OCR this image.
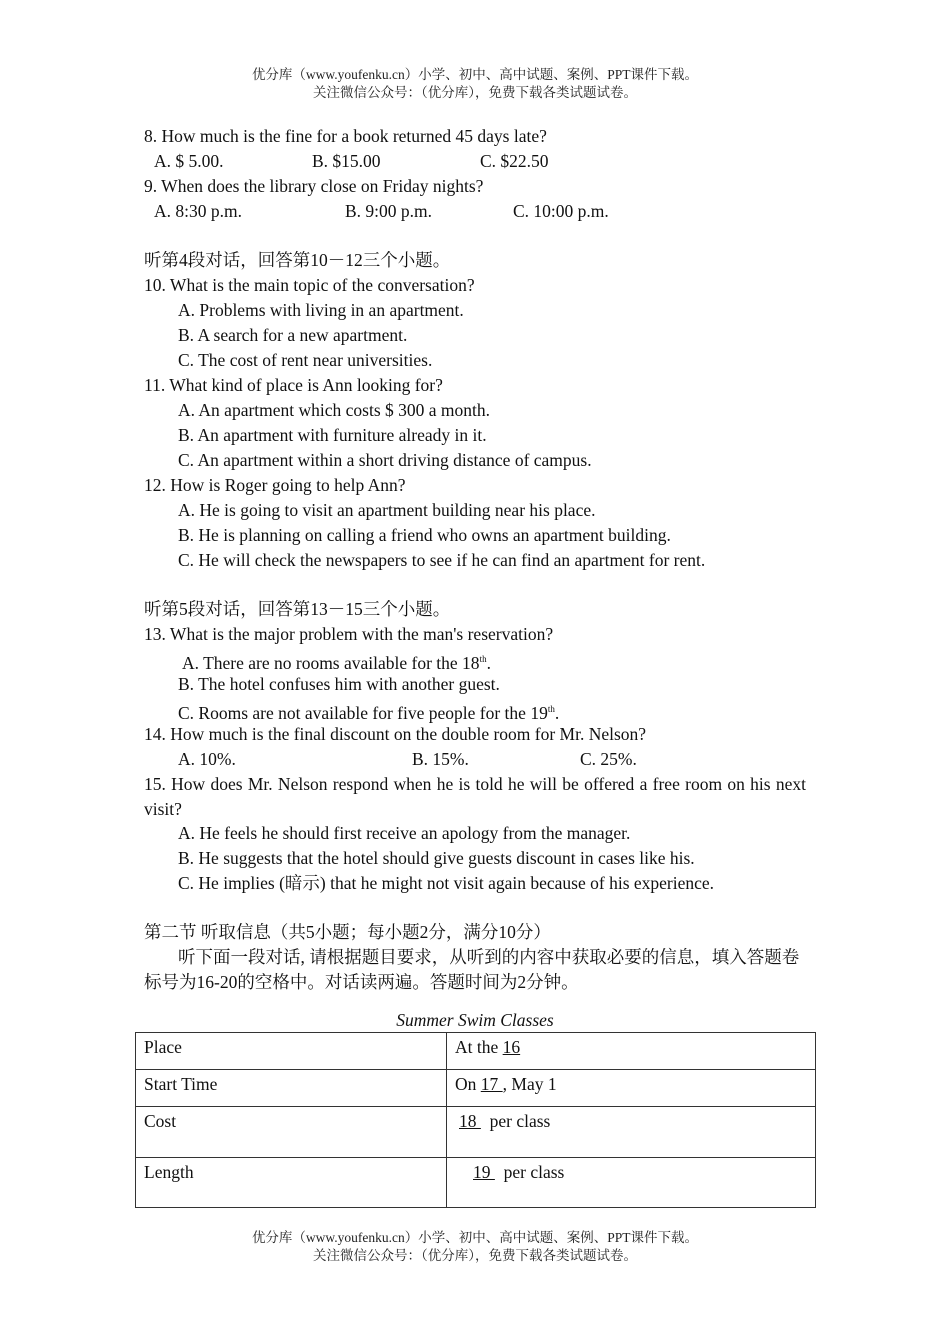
优分库（www.youfenku.cn）小学、初中、高中试题、案例、PPT课件下载。
关注微信公众号：（优分库），免费下载各类试题试卷。
8. How much is the fine for a book returned 45 days late?
A. $ 5.00.	B. $15.00	C. $22.50
9. When does the library close on Friday nights?
A. 8:30 p.m.	B. 9:00 p.m.	C. 10:00 p.m.
听第4段对话，回答第10－12三个小题。
10. What is the main topic of the conversation?
A. Problems with living in an apartment.
B. A search for a new apartment.
C. The cost of rent near universities.
11. What kind of place is Ann looking for?
A. An apartment which costs $ 300 a month.
B. An apartment with furniture already in it.
C. An apartment within a short driving distance of campus.
12. How is Roger going to help Ann?
A. He is going to visit an apartment building near his place.
B. He is planning on calling a friend who owns an apartment building.
C. He will check the newspapers to see if he can find an apartment for rent.
听第5段对话，回答第13－15三个小题。
13. What is the major problem with the man's reservation?
A. There are no rooms available for the 18th.
B. The hotel confuses him with another guest.
C. Rooms are not available for five people for the 19th.
14. How much is the final discount on the double room for Mr. Nelson?
A. 10%.	B. 15%.	C. 25%.
15. How does Mr. Nelson respond when he is told he will be offered a free room on his next visit?
A. He feels he should first receive an apology from the manager.
B. He suggests that the hotel should give guests discount in cases like his.
C. He implies (暗示) that he might not visit again because of his experience.
第二节 听取信息（共5小题；每小题2分，满分10分）
听下面一段对话, 请根据题目要求，从听到的内容中获取必要的信息，填入答题卷标号为16-20的空格中。对话读两遍。答题时间为2分钟。
Summer Swim Classes
Place	At the 16
Start Time	On 17 , May 1
Cost	18   per class
Length	19   per class
优分库（www.youfenku.cn）小学、初中、高中试题、案例、PPT课件下载。
关注微信公众号：（优分库），免费下载各类试题试卷。
